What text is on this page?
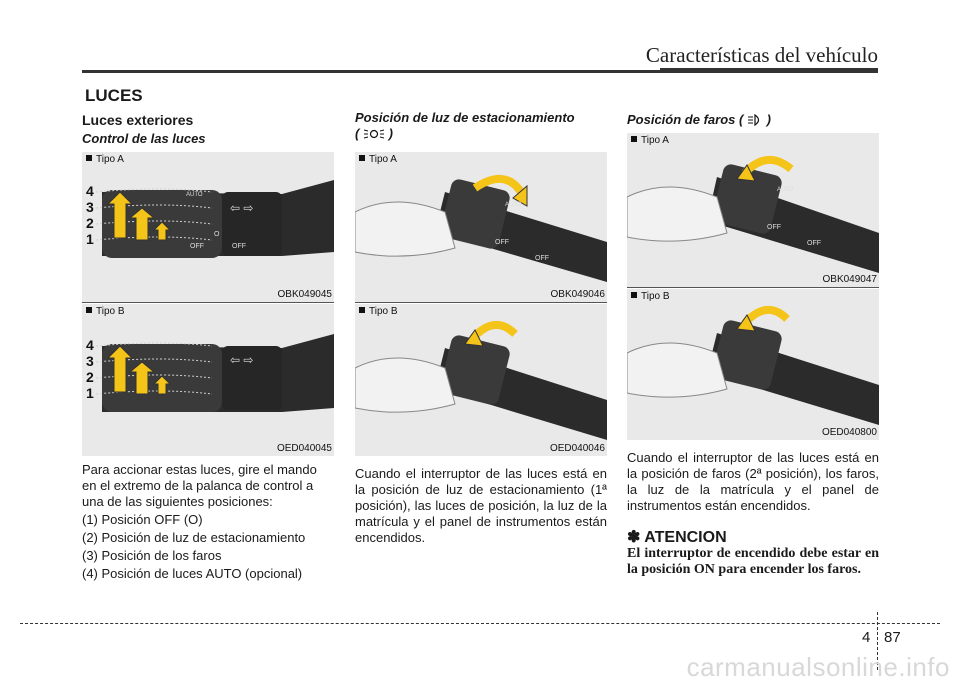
Características del vehículo
LUCES
Luces exteriores
Control de las luces
Tipo A
AUTO
OFF	OFF
O
4
3
2
1
⇦ ⇨
OBK049045
Tipo B
4
3
2
1
⇦ ⇨
OED040045

Para accionar estas luces, gire el mando en el extremo de la palanca de control a una de las siguientes posiciones:

(1) Posición OFF (O)

(2) Posición de luz de estacionamiento

(3) Posición de los faros

(4) Posición de luces AUTO (opcional)

Posición de luz de estacionamiento
( )
Tipo A
AUTO
OFF
OFF
OBK049046
Tipo B
OED040046
Cuando el interruptor de las luces está en la posición de luz de estacionamiento (1ª posición), las luces de posición, la luz de la matrícula y el panel de instrumentos están encendidos.
Posición de faros ( )
Tipo A
AUTO
OFF
OFF
OBK049047
Tipo B
OED040800
Cuando el interruptor de las luces está en la posición de faros (2ª posición), los faros, la luz de la matrícula y el panel de instrumentos están encendidos.
✽ ATENCION
El interruptor de encendido debe estar en la posición ON para encender los faros.
4 87
carmanualsonline.info
